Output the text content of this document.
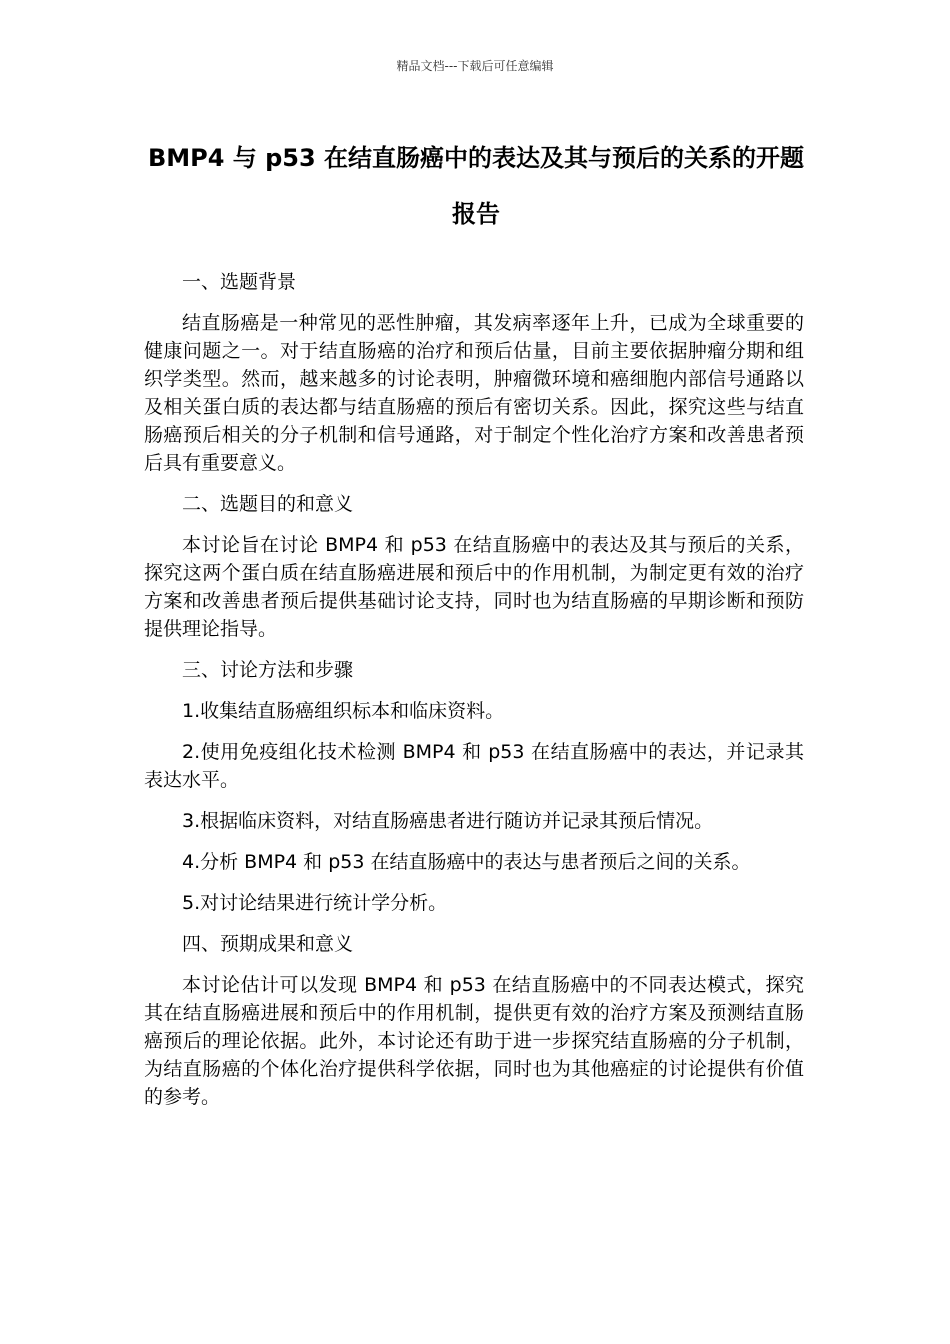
精品文档---下载后可任意编辑
BMP4 与 p53 在结直肠癌中的表达及其与预后的关系的开题报告

一、选题背景

结直肠癌是一种常见的恶性肿瘤，其发病率逐年上升，已成为全球重要的健康问题之一。对于结直肠癌的治疗和预后估量，目前主要依据肿瘤分期和组织学类型。然而，越来越多的讨论表明，肿瘤微环境和癌细胞内部信号通路以及相关蛋白质的表达都与结直肠癌的预后有密切关系。因此，探究这些与结直肠癌预后相关的分子机制和信号通路，对于制定个性化治疗方案和改善患者预后具有重要意义。

二、选题目的和意义

本讨论旨在讨论 BMP4 和 p53 在结直肠癌中的表达及其与预后的关系，探究这两个蛋白质在结直肠癌进展和预后中的作用机制，为制定更有效的治疗方案和改善患者预后提供基础讨论支持，同时也为结直肠癌的早期诊断和预防提供理论指导。

三、讨论方法和步骤

1.收集结直肠癌组织标本和临床资料。

2.使用免疫组化技术检测 BMP4 和 p53 在结直肠癌中的表达，并记录其表达水平。

3.根据临床资料，对结直肠癌患者进行随访并记录其预后情况。

4.分析 BMP4 和 p53 在结直肠癌中的表达与患者预后之间的关系。

5.对讨论结果进行统计学分析。

四、预期成果和意义

本讨论估计可以发现 BMP4 和 p53 在结直肠癌中的不同表达模式，探究其在结直肠癌进展和预后中的作用机制，提供更有效的治疗方案及预测结直肠癌预后的理论依据。此外，本讨论还有助于进一步探究结直肠癌的分子机制，为结直肠癌的个体化治疗提供科学依据，同时也为其他癌症的讨论提供有价值的参考。
